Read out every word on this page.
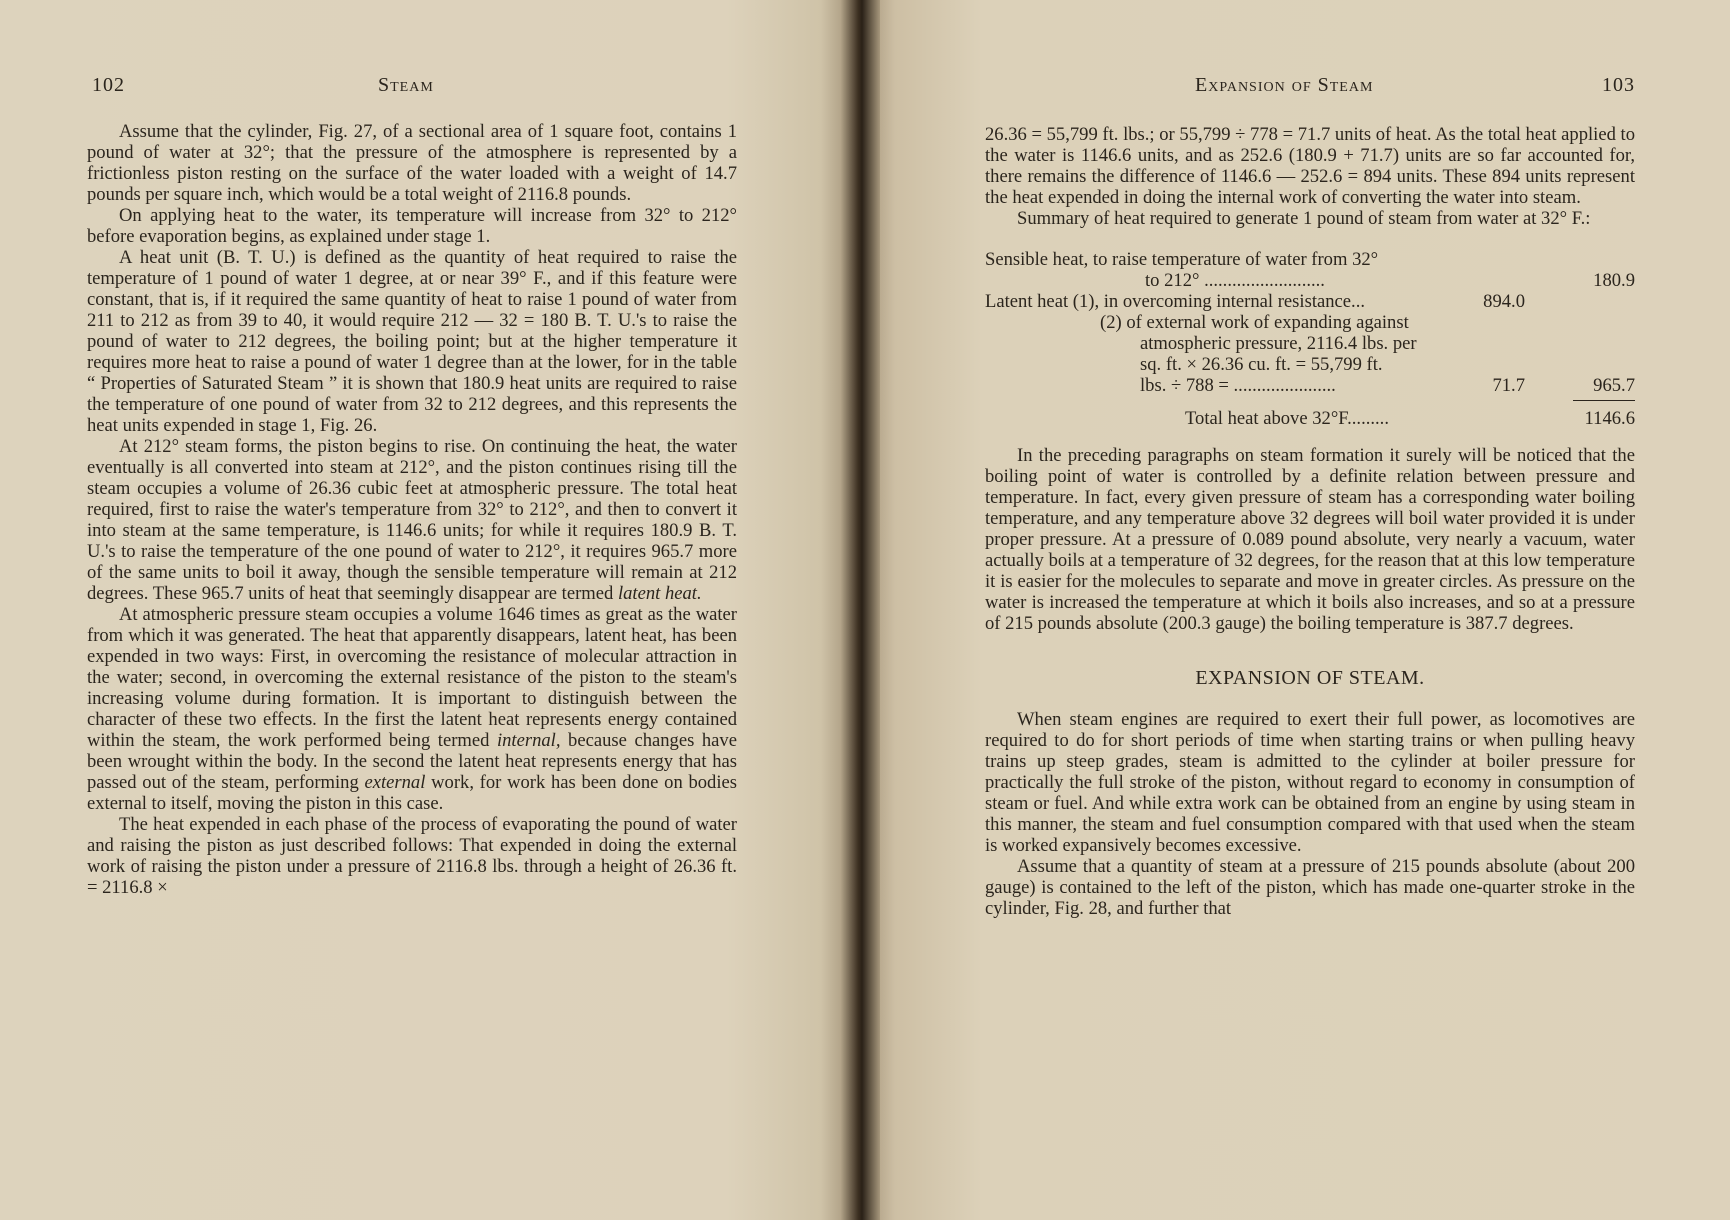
102	Steam

Assume that the cylinder, Fig. 27, of a sectional area of 1 square foot, contains 1 pound of water at 32°; that the pressure of the atmosphere is represented by a frictionless piston resting on the surface of the water loaded with a weight of 14.7 pounds per square inch, which would be a total weight of 2116.8 pounds.

On applying heat to the water, its temperature will increase from 32° to 212° before evaporation begins, as explained under stage 1.

A heat unit (B. T. U.) is defined as the quantity of heat required to raise the temperature of 1 pound of water 1 degree, at or near 39° F., and if this feature were constant, that is, if it required the same quantity of heat to raise 1 pound of water from 211 to 212 as from 39 to 40, it would require 212 — 32 = 180 B. T. U.'s to raise the pound of water to 212 degrees, the boiling point; but at the higher temperature it requires more heat to raise a pound of water 1 degree than at the lower, for in the table “ Properties of Saturated Steam ” it is shown that 180.9 heat units are required to raise the temperature of one pound of water from 32 to 212 degrees, and this represents the heat units expended in stage 1, Fig. 26.

At 212° steam forms, the piston begins to rise. On continuing the heat, the water eventually is all converted into steam at 212°, and the piston continues rising till the steam occupies a volume of 26.36 cubic feet at atmospheric pressure. The total heat required, first to raise the water's temperature from 32° to 212°, and then to convert it into steam at the same temperature, is 1146.6 units; for while it requires 180.9 B. T. U.'s to raise the temperature of the one pound of water to 212°, it requires 965.7 more of the same units to boil it away, though the sensible temperature will remain at 212 degrees. These 965.7 units of heat that seemingly disappear are termed latent heat.

At atmospheric pressure steam occupies a volume 1646 times as great as the water from which it was generated. The heat that apparently disappears, latent heat, has been expended in two ways: First, in overcoming the resistance of molecular attraction in the water; second, in overcoming the external resistance of the piston to the steam's increasing volume during formation. It is important to distinguish between the character of these two effects. In the first the latent heat represents energy contained within the steam, the work performed being termed internal, because changes have been wrought within the body. In the second the latent heat represents energy that has passed out of the steam, performing external work, for work has been done on bodies external to itself, moving the piston in this case.

The heat expended in each phase of the process of evaporating the pound of water and raising the piston as just described follows: That expended in doing the external work of raising the piston under a pressure of 2116.8 lbs. through a height of 26.36 ft. = 2116.8 ×

Expansion of Steam	103

26.36 = 55,799 ft. lbs.; or 55,799 ÷ 778 = 71.7 units of heat. As the total heat applied to the water is 1146.6 units, and as 252.6 (180.9 + 71.7) units are so far accounted for, there remains the difference of 1146.6 — 252.6 = 894 units. These 894 units represent the heat expended in doing the internal work of converting the water into steam.

Summary of heat required to generate 1 pound of steam from water at 32° F.:

Sensible heat, to raise temperature of water from 32°
to 212° ..........................	180.9
Latent heat (1), in overcoming internal resistance...	894.0
(2) of external work of expanding against
atmospheric pressure, 2116.4 lbs. per
sq. ft. × 26.36 cu. ft. = 55,799 ft.
lbs. ÷ 788 = ......................	71.7	965.7
Total heat above 32°F.........	1146.6

In the preceding paragraphs on steam formation it surely will be noticed that the boiling point of water is controlled by a definite relation between pressure and temperature. In fact, every given pressure of steam has a corresponding water boiling temperature, and any temperature above 32 degrees will boil water provided it is under proper pressure. At a pressure of 0.089 pound absolute, very nearly a vacuum, water actually boils at a temperature of 32 degrees, for the reason that at this low temperature it is easier for the molecules to separate and move in greater circles. As pressure on the water is increased the temperature at which it boils also increases, and so at a pressure of 215 pounds absolute (200.3 gauge) the boiling temperature is 387.7 degrees.

EXPANSION OF STEAM.

When steam engines are required to exert their full power, as locomotives are required to do for short periods of time when starting trains or when pulling heavy trains up steep grades, steam is admitted to the cylinder at boiler pressure for practically the full stroke of the piston, without regard to economy in consumption of steam or fuel. And while extra work can be obtained from an engine by using steam in this manner, the steam and fuel consumption compared with that used when the steam is worked expansively becomes excessive.

Assume that a quantity of steam at a pressure of 215 pounds absolute (about 200 gauge) is contained to the left of the piston, which has made one-quarter stroke in the cylinder, Fig. 28, and further that
